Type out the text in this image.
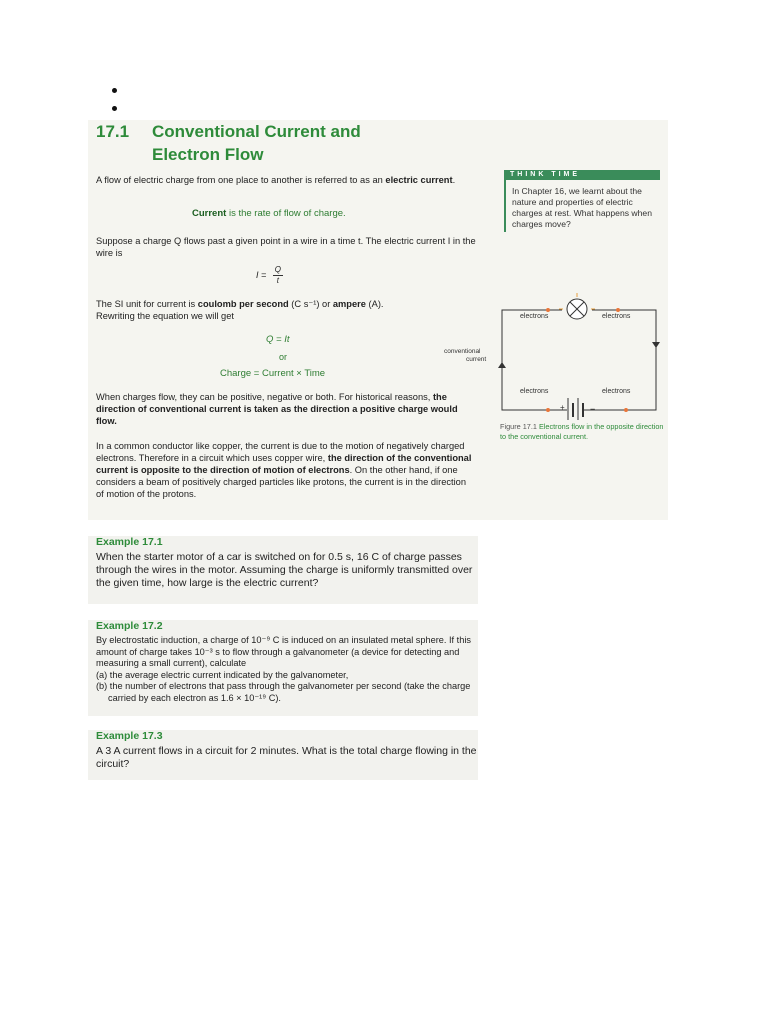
17.1 Conventional Current and
Electron Flow

A flow of electric charge from one place to another is referred to as an electric current.

Current is the rate of flow of charge.

Suppose a charge Q flows past a given point in a wire in a time t. The electric current I in the wire is

$I = \frac{Q}{t}$

The SI unit for current is coulomb per second (C s⁻¹) or ampere (A).
Rewriting the equation we will get

Q = It
or
Charge = Current × Time

When charges flow, they can be positive, negative or both. For historical reasons, the direction of conventional current is taken as the direction a positive charge would flow.

In a common conductor like copper, the current is due to the motion of negatively charged electrons. Therefore in a circuit which uses copper wire, the direction of the conventional current is opposite to the direction of motion of electrons. On the other hand, if one considers a beam of positively charged particles like protons, the current is in the direction of motion of the protons.

THINK TIME
In Chapter 16, we learnt about the nature and properties of electric charges at rest. What happens when charges move?
electrons	electrons
electrons	electrons
conventional
current
+	−
Figure 17.1 Electrons flow in the opposite direction to the conventional current.
Example 17.1
When the starter motor of a car is switched on for 0.5 s, 16 C of charge passes through the wires in the motor. Assuming the charge is uniformly transmitted over the given time, how large is the electric current?
Example 17.2
By electrostatic induction, a charge of 10⁻⁹ C is induced on an insulated metal sphere. If this amount of charge takes 10⁻³ s to flow through a galvanometer (a device for detecting and measuring a small current), calculate
(a) the average electric current indicated by the galvanometer,
(b) the number of electrons that pass through the galvanometer per second (take the charge carried by each electron as 1.6 × 10⁻¹⁹ C).
Example 17.3
A 3 A current flows in a circuit for 2 minutes. What is the total charge flowing in the circuit?
